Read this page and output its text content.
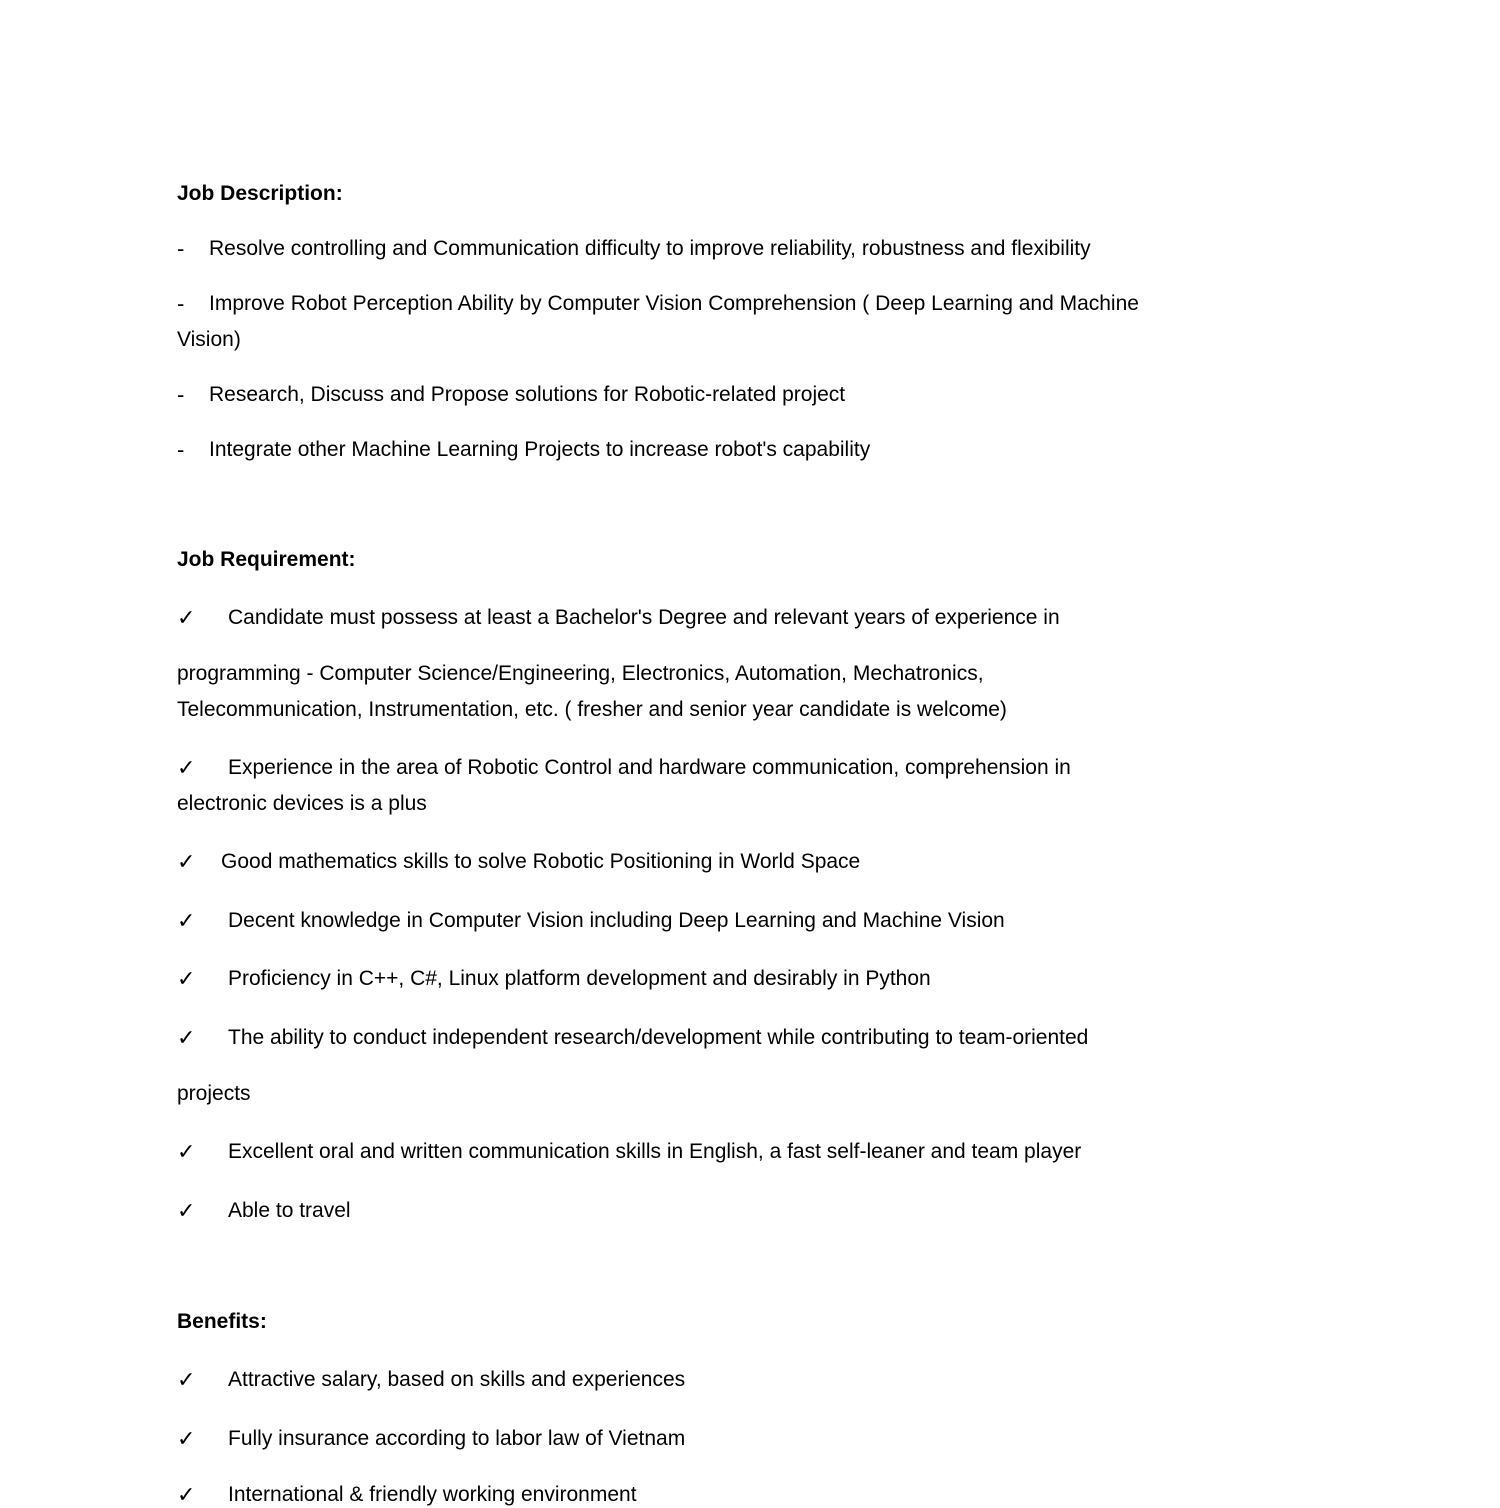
Job Description:
- Resolve controlling and Communication difficulty to improve reliability, robustness and flexibility
- Improve Robot Perception Ability by Computer Vision Comprehension ( Deep Learning and Machine
Vision)
- Research, Discuss and Propose solutions for Robotic-related project
- Integrate other Machine Learning Projects to increase robot's capability
Job Requirement:
✓ Candidate must possess at least a Bachelor's Degree and relevant years of experience in
programming - Computer Science/Engineering, Electronics, Automation, Mechatronics,
Telecommunication, Instrumentation, etc. ( fresher and senior year candidate is welcome)
✓ Experience in the area of Robotic Control and hardware communication, comprehension in
electronic devices is a plus
✓ Good mathematics skills to solve Robotic Positioning in World Space
✓ Decent knowledge in Computer Vision including Deep Learning and Machine Vision
✓ Proficiency in C++, C#, Linux platform development and desirably in Python
✓ The ability to conduct independent research/development while contributing to team-oriented
projects
✓ Excellent oral and written communication skills in English, a fast self-leaner and team player
✓ Able to travel
Benefits:
✓ Attractive salary, based on skills and experiences
✓ Fully insurance according to labor law of Vietnam
✓ International & friendly working environment
